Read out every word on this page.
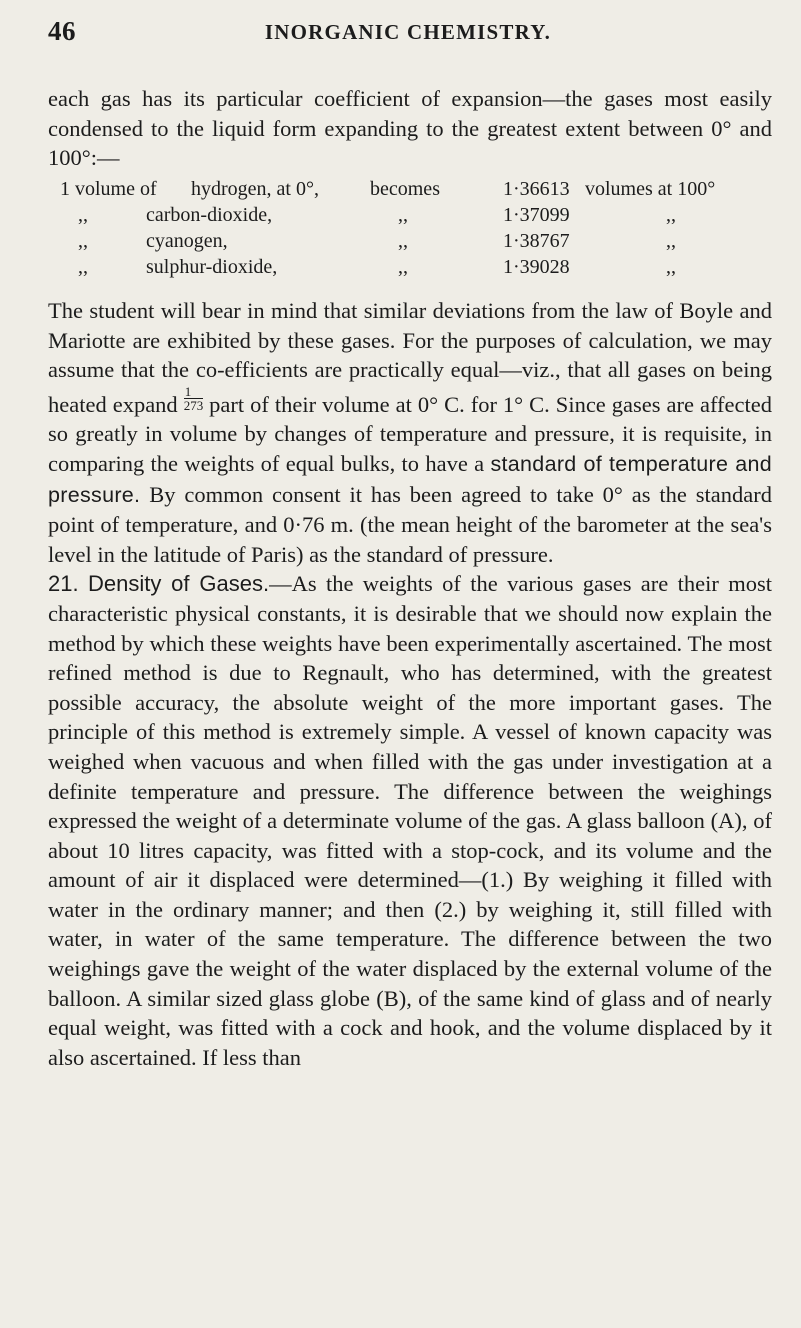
46	INORGANIC CHEMISTRY.

each gas has its particular coefficient of expansion—the gases most easily condensed to the liquid form expanding to the greatest extent between 0° and 100°:—

1 volume of hydrogen, at 0°,	becomes	1·36613 volumes at 100°
,,	carbon-dioxide,	,,	1·37099	,,
,,	cyanogen,	,,	1·38767	,,
,,	sulphur-dioxide,	,,	1·39028	,,

The student will bear in mind that similar deviations from the law of Boyle and Mariotte are exhibited by these gases. For the purposes of calculation, we may assume that the co-efficients are practically equal—viz., that all gases on being heated expand $\frac{1}{273}$ part of their volume at 0° C. for 1° C. Since gases are affected so greatly in volume by changes of temperature and pressure, it is requisite, in comparing the weights of equal bulks, to have a standard of temperature and pressure. By common consent it has been agreed to take 0° as the standard point of temperature, and 0·76 m. (the mean height of the barometer at the sea's level in the latitude of Paris) as the standard of pressure.

21. Density of Gases.—As the weights of the various gases are their most characteristic physical constants, it is desirable that we should now explain the method by which these weights have been experimentally ascertained. The most refined method is due to Regnault, who has determined, with the greatest possible accuracy, the absolute weight of the more important gases. The principle of this method is extremely simple. A vessel of known capacity was weighed when vacuous and when filled with the gas under investigation at a definite temperature and pressure. The difference between the weighings expressed the weight of a determinate volume of the gas. A glass balloon (A), of about 10 litres capacity, was fitted with a stop-cock, and its volume and the amount of air it displaced were determined—(1.) By weighing it filled with water in the ordinary manner; and then (2.) by weighing it, still filled with water, in water of the same temperature. The difference between the two weighings gave the weight of the water displaced by the external volume of the balloon. A similar sized glass globe (B), of the same kind of glass and of nearly equal weight, was fitted with a cock and hook, and the volume displaced by it also ascertained. If less than
